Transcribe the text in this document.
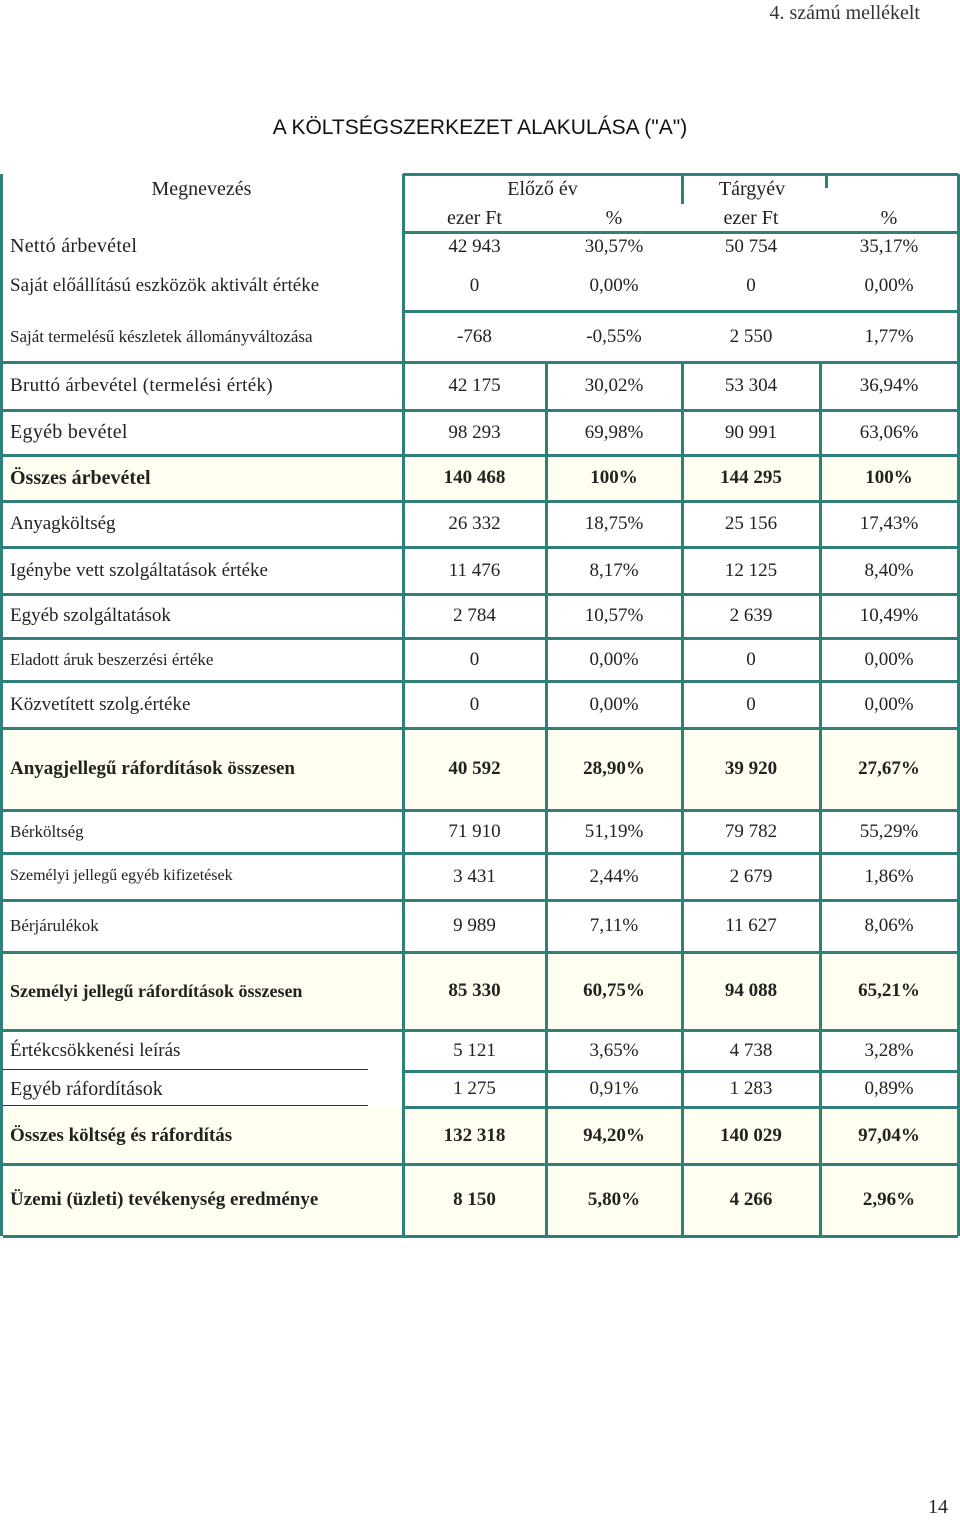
4. számú mellékelt
A KÖLTSÉGSZERKEZET ALAKULÁSA ("A")
Megnevezés	Előző év	Tárgyév
ezer Ft	%	ezer Ft	%
Nettó árbevétel	42 943	30,57%	50 754	35,17%
Saját előállítású eszközök aktivált értéke	0	0,00%	0	0,00%
Saját termelésű készletek állományváltozása	-768	-0,55%	2 550	1,77%
Bruttó árbevétel (termelési érték)	42 175	30,02%	53 304	36,94%
Egyéb bevétel	98 293	69,98%	90 991	63,06%
Összes árbevétel	140 468	100%	144 295	100%
Anyagköltség	26 332	18,75%	25 156	17,43%
Igénybe vett szolgáltatások értéke	11 476	8,17%	12 125	8,40%
Egyéb szolgáltatások	2 784	10,57%	2 639	10,49%
Eladott áruk beszerzési értéke	0	0,00%	0	0,00%
Közvetített szolg.értéke	0	0,00%	0	0,00%
Anyagjellegű ráfordítások összesen	40 592	28,90%	39 920	27,67%
Bérköltség	71 910	51,19%	79 782	55,29%
Személyi jellegű egyéb kifizetések	3 431	2,44%	2 679	1,86%
Bérjárulékok	9 989	7,11%	11 627	8,06%
Személyi jellegű ráfordítások összesen	85 330	60,75%	94 088	65,21%
Értékcsökkenési leírás	5 121	3,65%	4 738	3,28%
Egyéb ráfordítások	1 275	0,91%	1 283	0,89%
Összes költség és ráfordítás	132 318	94,20%	140 029	97,04%
Üzemi (üzleti) tevékenység eredménye	8 150	5,80%	4 266	2,96%
14
